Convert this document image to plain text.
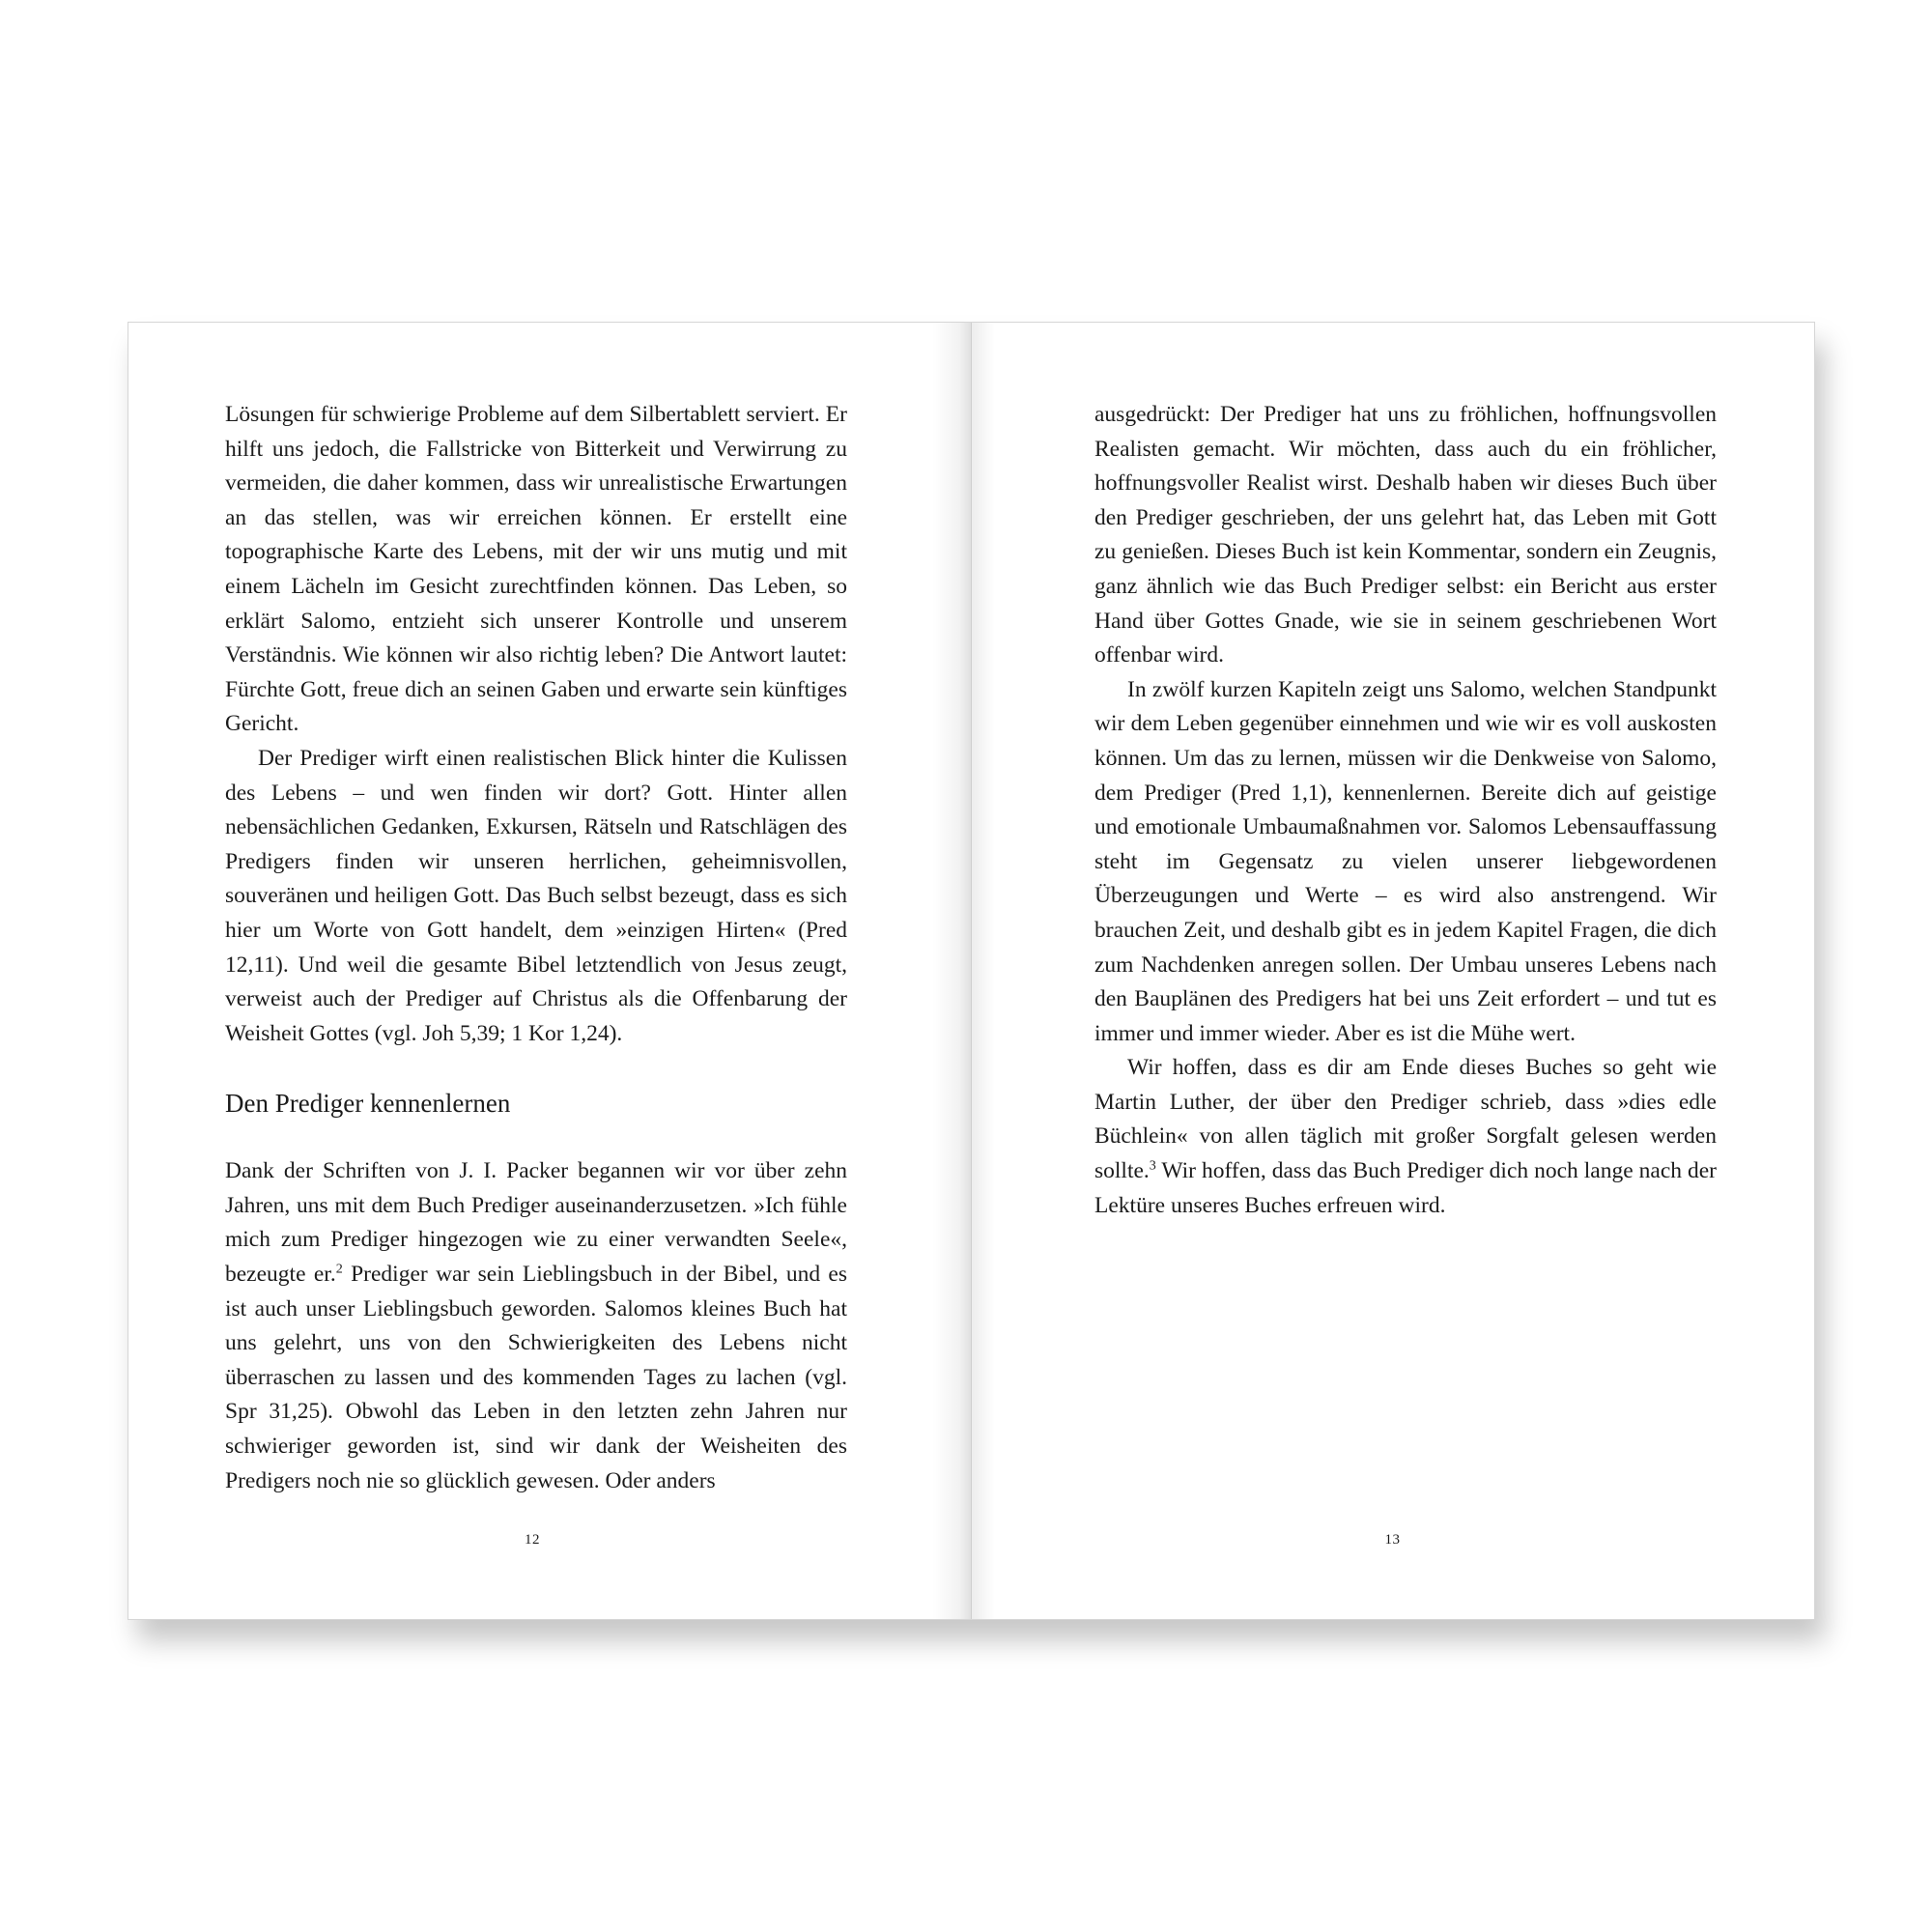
Lösungen für schwierige Probleme auf dem Silbertablett serviert. Er hilft uns jedoch, die Fallstricke von Bitterkeit und Verwirrung zu vermeiden, die daher kommen, dass wir unrealistische Erwartungen an das stellen, was wir erreichen können. Er erstellt eine topographische Karte des Lebens, mit der wir uns mutig und mit einem Lächeln im Gesicht zurechtfinden können. Das Leben, so erklärt Salomo, entzieht sich unserer Kontrolle und unserem Verständnis. Wie können wir also richtig leben? Die Antwort lautet: Fürchte Gott, freue dich an seinen Gaben und erwarte sein künftiges Gericht.

Der Prediger wirft einen realistischen Blick hinter die Kulissen des Lebens – und wen finden wir dort? Gott. Hinter allen nebensächlichen Gedanken, Exkursen, Rätseln und Ratschlägen des Predigers finden wir unseren herrlichen, geheimnisvollen, souveränen und heiligen Gott. Das Buch selbst bezeugt, dass es sich hier um Worte von Gott handelt, dem »einzigen Hirten« (Pred 12,11). Und weil die gesamte Bibel letztendlich von Jesus zeugt, verweist auch der Prediger auf Christus als die Offenbarung der Weisheit Gottes (vgl. Joh 5,39; 1 Kor 1,24).

Den Prediger kennenlernen

Dank der Schriften von J. I. Packer begannen wir vor über zehn Jahren, uns mit dem Buch Prediger auseinanderzusetzen. »Ich fühle mich zum Prediger hingezogen wie zu einer verwandten Seele«, bezeugte er.$^2$ Prediger war sein Lieblingsbuch in der Bibel, und es ist auch unser Lieblingsbuch geworden. Salomos kleines Buch hat uns gelehrt, uns von den Schwierigkeiten des Lebens nicht überraschen zu lassen und des kommenden Tages zu lachen (vgl. Spr 31,25). Obwohl das Leben in den letzten zehn Jahren nur schwieriger geworden ist, sind wir dank der Weisheiten des Predigers noch nie so glücklich gewesen. Oder anders

12

ausgedrückt: Der Prediger hat uns zu fröhlichen, hoffnungsvollen Realisten gemacht. Wir möchten, dass auch du ein fröhlicher, hoffnungsvoller Realist wirst. Deshalb haben wir dieses Buch über den Prediger geschrieben, der uns gelehrt hat, das Leben mit Gott zu genießen. Dieses Buch ist kein Kommentar, sondern ein Zeugnis, ganz ähnlich wie das Buch Prediger selbst: ein Bericht aus erster Hand über Gottes Gnade, wie sie in seinem geschriebenen Wort offenbar wird.

In zwölf kurzen Kapiteln zeigt uns Salomo, welchen Standpunkt wir dem Leben gegenüber einnehmen und wie wir es voll auskosten können. Um das zu lernen, müssen wir die Denkweise von Salomo, dem Prediger (Pred 1,1), kennenlernen. Bereite dich auf geistige und emotionale Umbaumaßnahmen vor. Salomos Lebensauffassung steht im Gegensatz zu vielen unserer liebgewordenen Überzeugungen und Werte – es wird also anstrengend. Wir brauchen Zeit, und deshalb gibt es in jedem Kapitel Fragen, die dich zum Nachdenken anregen sollen. Der Umbau unseres Lebens nach den Bauplänen des Predigers hat bei uns Zeit erfordert – und tut es immer und immer wieder. Aber es ist die Mühe wert.

Wir hoffen, dass es dir am Ende dieses Buches so geht wie Martin Luther, der über den Prediger schrieb, dass »dies edle Büchlein« von allen täglich mit großer Sorgfalt gelesen werden sollte.$^3$ Wir hoffen, dass das Buch Prediger dich noch lange nach der Lektüre unseres Buches erfreuen wird.

13
